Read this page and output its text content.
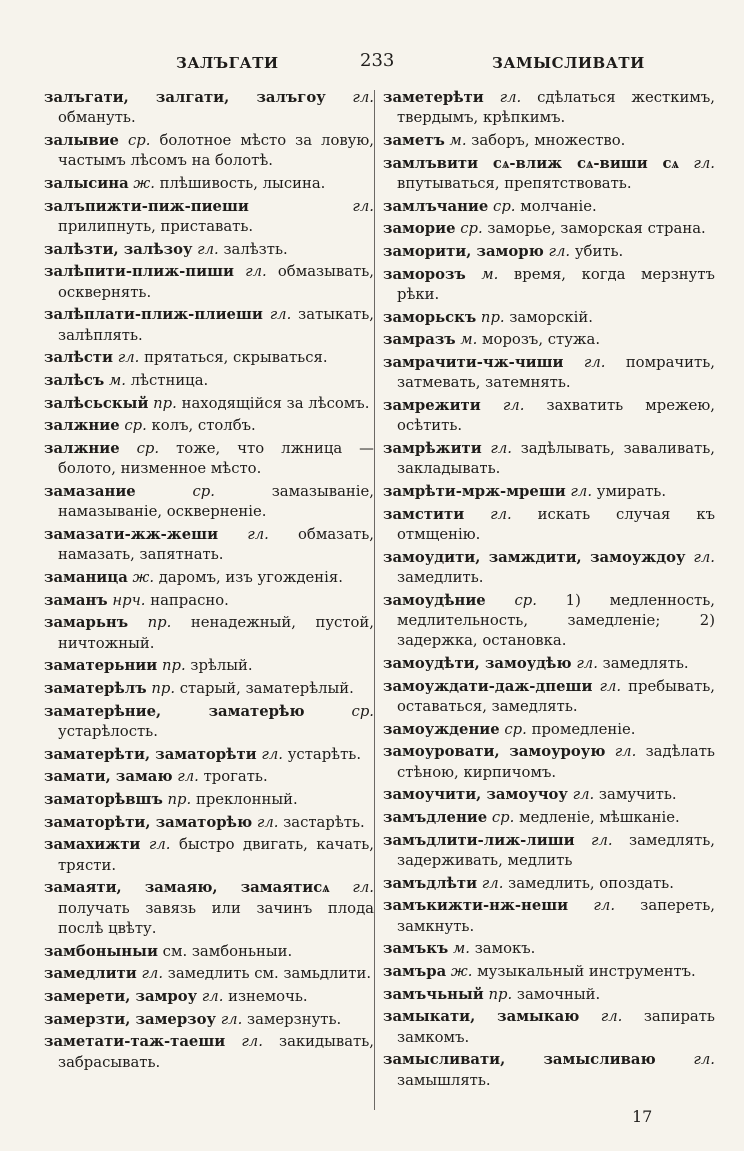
ЗАЛЪГАТИ	233	ЗАМЫСЛИВАТИ

залъгати, залгати, залъгоу гл. обмануть.

залывие ср. болотное мѣсто за ловую, частымъ лѣсомъ на болотѣ.

залысина ж. плѣшивость, лысина.

залъпижти-пиж-пиеши	гл. прилипнуть, приставать.

залѣзти, залѣзоу гл. залѣзть.

залѣпити-плиж-пиши гл. обмазывать, осквернять.

залѣплати-плиж-плиеши гл. затыкать, залѣплять.

залѣсти гл. прятаться, скрываться.

залѣсъ м. лѣстница.

залѣсьскый пр. находящійся за лѣсомъ.

залжние ср. колъ, столбъ.

залжние ср. тоже, что лжница — болото, низменное мѣсто.

замазание	ср.	замазываніе, намазываніе, оскверненіе.

замазати-жж-жеши гл. обмазать, намазать, запятнать.

заманица ж. даромъ, изъ угожденія.

заманъ нрч. напрасно.

замарьнъ пр. ненадежный, пустой, ничтожный.

заматерьнии пр. зрѣлый.

заматерѣлъ пр. старый, заматерѣлый.

заматерѣние, заматерѣю	ср. устарѣлость.

заматерѣти, заматорѣти гл. устарѣть.

замати, замаю гл. трогать.

заматорѣвшъ пр. преклонный.

заматорѣти, заматорѣю гл. застарѣть.

замахижти гл. быстро двигать, качать, трясти.

замаяти, замаяю, замаятисѧ гл. получать завязь или зачинъ плода послѣ цвѣту.

замбоныныи см. замбоньныи.

замедлити гл. замедлить см. замьдлити.

замерети, замроу гл. изнемочь.

замерзти, замерзоу гл. замерзнуть.

заметати-таж-таеши гл. закидывать, забрасывать.

заметерѣти гл. сдѣлаться жесткимъ, твердымъ, крѣпкимъ.

заметъ м. заборъ, множество.

замлъвити сѧ-влиж сѧ-виши сѧ гл. впутываться, препятствовать.

замлъчание ср. молчаніе.

заморие ср. заморье, заморская страна.

заморити, заморю гл. убить.

заморозъ м. время, когда мерзнутъ рѣки.

заморьскъ пр. заморскій.

замразъ м. морозъ, стужа.

замрачити-чж-чиши гл. помрачить, затмевать, затемнять.

замрежити гл. захватить мрежею, осѣтить.

замрѣжити гл. задѣлывать, заваливать, закладывать.

замрѣти-мрж-мреши гл. умирать.

замстити гл. искать случая къ отмщенію.

замоудити, замждити, замоуждоу гл. замедлить.

замоудѣние ср. 1) медленность, медлительность, замедленіе; 2) задержка, остановка.

замоудѣти, замоудѣю гл. замедлять.

замоуждати-даж-дпеши гл. пребывать, оставаться, замедлять.

замоуждение ср. промедленіе.

замоуровати, замоуроую гл. задѣлать стѣною, кирпичомъ.

замоучити, замоучоу гл. замучить.

замъдление ср. медленіе, мѣшканіе.

замъдлити-лиж-лиши гл. замедлять, задерживать, медлить

замъдлѣти гл. замедлить, опоздать.

замъкижти-нж-неши гл. запереть, замкнуть.

замъкъ м. замокъ.

замъра ж. музыкальный инструментъ.

замъчьный пр. замочный.

замыкати, замыкаю гл. запирать замкомъ.

замысливати, замысливаю	гл. замышлять.

17
